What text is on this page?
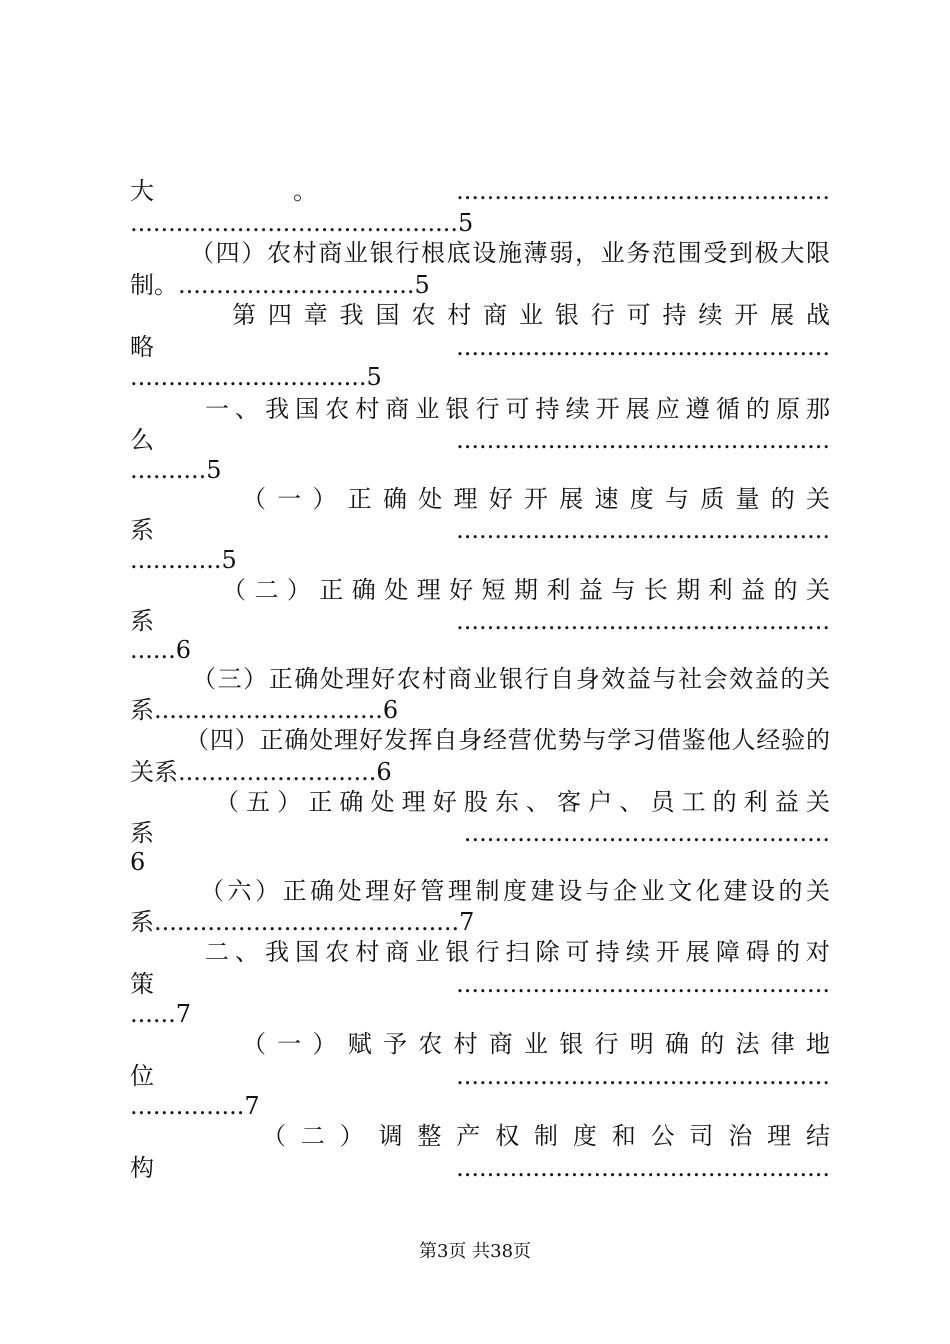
大。.................................................
...........................................5
（四）农村商业银行根底设施薄弱，业务范围受到极大限
制。...............................5
第四章我国农村商业银行可持续开展战
略.................................................
...............................5
一、我国农村商业银行可持续开展应遵循的原那
么.................................................
..........5
（一）正确处理好开展速度与质量的关
系.................................................
............5
（二）正确处理好短期利益与长期利益的关
系.................................................
......6
（三）正确处理好农村商业银行自身效益与社会效益的关
系..............................6
（四）正确处理好发挥自身经营优势与学习借鉴他人经验的
关系..........................6
（五）正确处理好股东、客户、员工的利益关
系................................................
6
（六）正确处理好管理制度建设与企业文化建设的关
系........................................7
二、我国农村商业银行扫除可持续开展障碍的对
策.................................................
......7
（一）赋予农村商业银行明确的法律地
位.................................................
...............7
（二）调整产权制度和公司治理结
构.................................................
第3页 共38页
